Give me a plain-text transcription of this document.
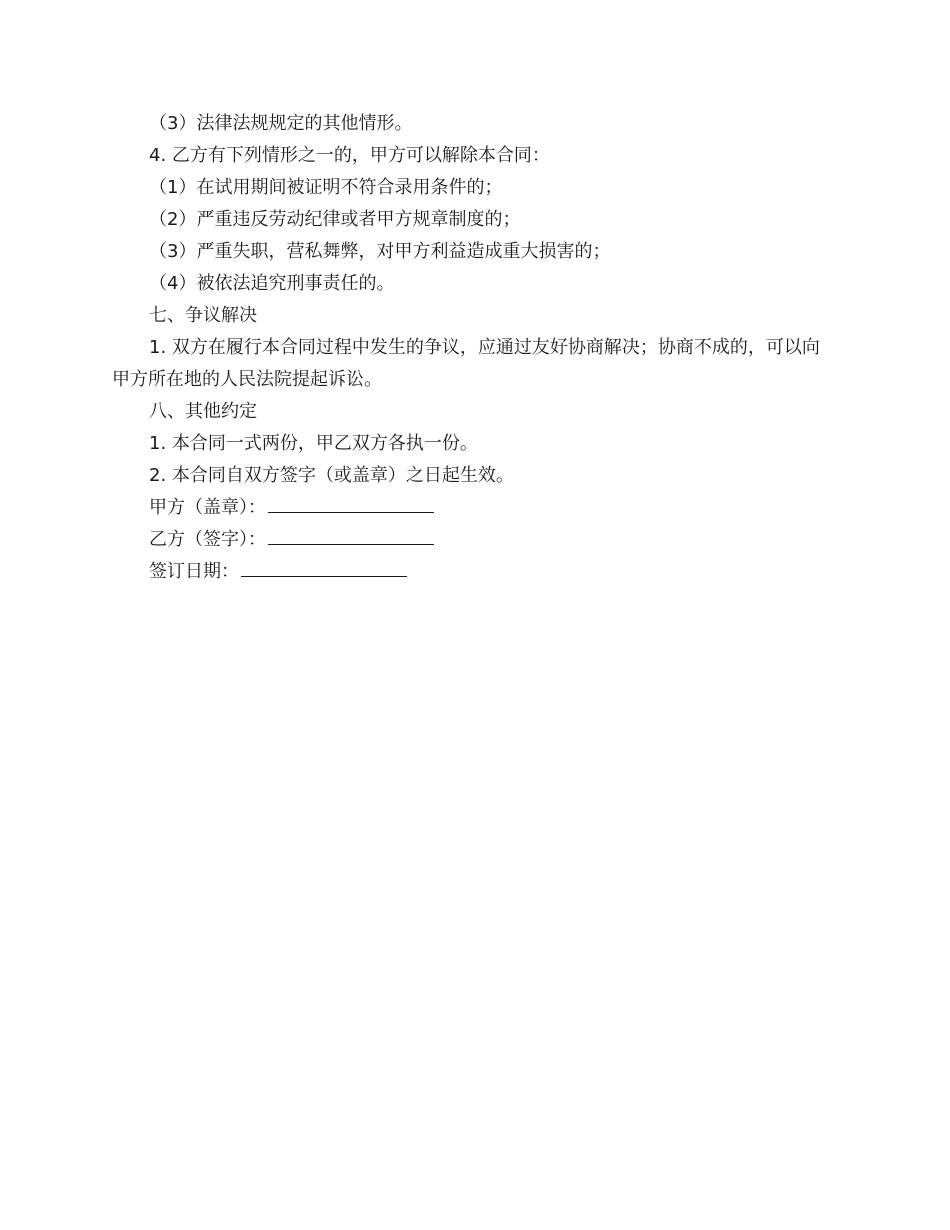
（3）法律法规规定的其他情形。

4. 乙方有下列情形之一的，甲方可以解除本合同：

（1）在试用期间被证明不符合录用条件的；

（2）严重违反劳动纪律或者甲方规章制度的；

（3）严重失职，营私舞弊，对甲方利益造成重大损害的；

（4）被依法追究刑事责任的。

七、争议解决

1. 双方在履行本合同过程中发生的争议，应通过友好协商解决；协商不成的，可以向甲方所在地的人民法院提起诉讼。

八、其他约定

1. 本合同一式两份，甲乙双方各执一份。

2. 本合同自双方签字（或盖章）之日起生效。

甲方（盖章）：

乙方（签字）：

签订日期：
